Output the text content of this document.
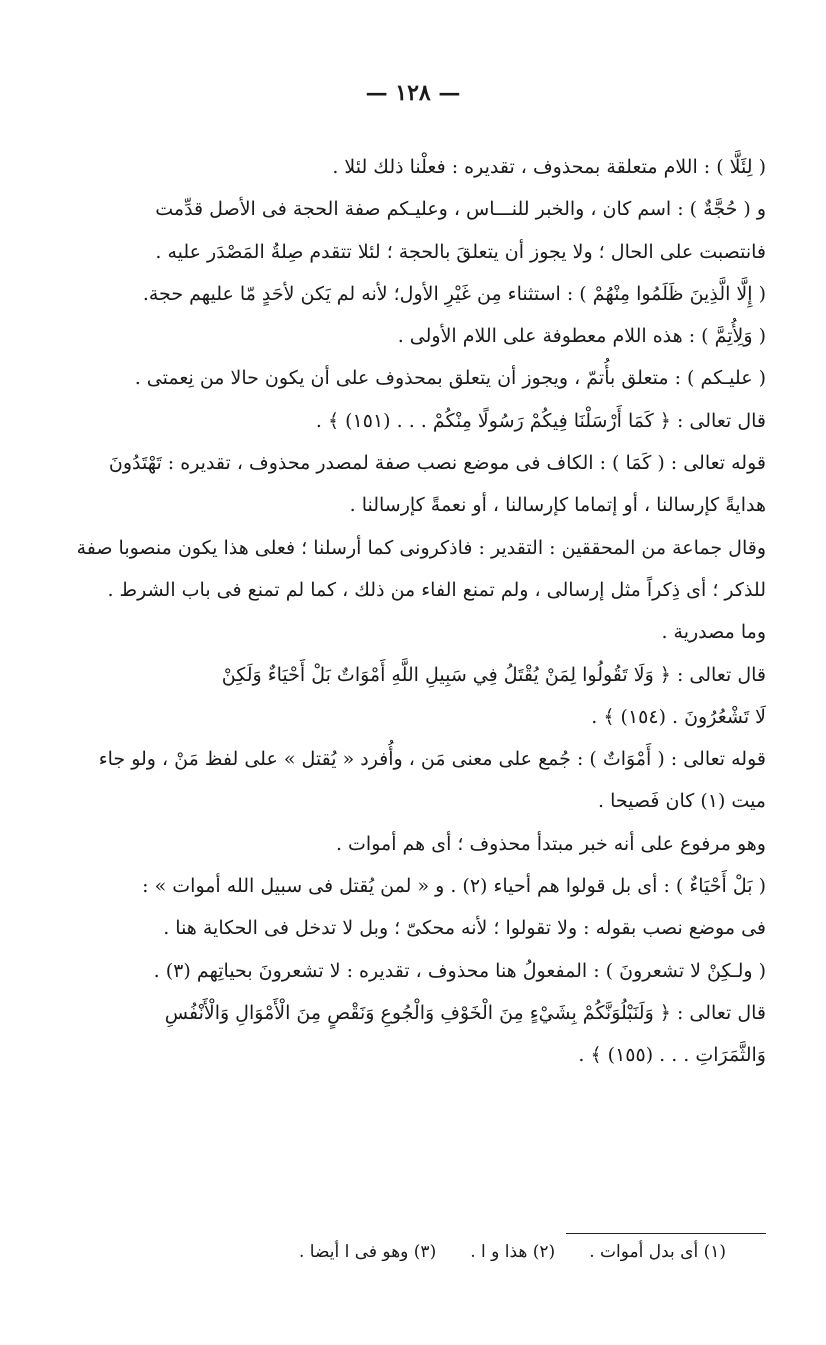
— ١٢٨ —
( لِئَلَّا ) : اللام متعلقة بمحذوف ، تقديره : فعلْنا ذلك لئلا .
و ( حُجَّةٌ ) : اسم كان ، والخبر للنـــاس ، وعليـكم صفة الحجة فى الأصل قدِّمت
فانتصبت على الحال ؛ ولا يجوز أن يتعلقَ بالحجة ؛ لئلا تتقدم صِلةُ المَصْدَر عليه .
( إِلَّا الَّذِينَ ظَلَمُوا مِنْهُمْ ) : استثناء مِن غَيْرِ الأول؛ لأنه لم يَكن لأحَدٍ مّا عليهم حجة.
( وَلِأُتِمَّ ) : هذه اللام معطوفة على اللام الأولى .
( عليـكم ) : متعلق بأُتمّ ، ويجوز أن يتعلق بمحذوف على أن يكون حالا من نِعمتى .
قال تعالى : ﴿ كَمَا أَرْسَلْنَا فِيكُمْ رَسُولًا مِنْكُمْ . . . (١٥١) ﴾ .
قوله تعالى : ( كَمَا ) : الكاف فى موضع نصب صفة لمصدر محذوف ، تقديره : تَهْتَدُونَ
هدايةً كإرسالنا ، أو إتماما كإرسالنا ، أو نعمةً كإرسالنا .
وقال جماعة من المحققين : التقدير : فاذكرونى كما أرسلنا ؛ فعلى هذا يكون منصوبا صفة
للذكر ؛ أى ذِكراً مثل إرسالى ، ولم تمنع الفاء من ذلك ، كما لم تمنع فى باب الشرط .
وما مصدرية .
قال تعالى : ﴿ وَلَا تَقُولُوا لِمَنْ يُقْتَلُ فِي سَبِيلِ اللَّهِ أَمْوَاتٌ بَلْ أَحْيَاءٌ وَلَكِنْ
لَا تَشْعُرُونَ . (١٥٤) ﴾ .
قوله تعالى : ( أَمْوَاتٌ ) : جُمع على معنى مَن ، وأُفرد « يُقتل » على لفظ مَنْ ، ولو جاء
ميت (١) كان فَصيحا .
وهو مرفوع على أنه خبر مبتدأ محذوف ؛ أى هم أموات .
( بَلْ أَحْيَاءٌ ) : أى بل قولوا هم أحياء (٢) . و « لمن يُقتل فى سبيل الله أموات » :
فى موضع نصب بقوله : ولا تقولوا ؛ لأنه محكىّ ؛ وبل لا تدخل فى الحكاية هنا .
( ولـكِنْ لا تشعرونَ ) : المفعولُ هنا محذوف ، تقديره : لا تشعرونَ بحياتِهم (٣) .
قال تعالى : ﴿ وَلَنَبْلُوَنَّكُمْ بِشَيْءٍ مِنَ الْخَوْفِ وَالْجُوعِ وَنَقْصٍ مِنَ الْأَمْوَالِ وَالْأَنْفُسِ
وَالثَّمَرَاتِ . . . (١٥٥) ﴾ .
(١) أى بدل أموات .
(٢) هذا و ا .
(٣) وهو فى ا أيضا .
